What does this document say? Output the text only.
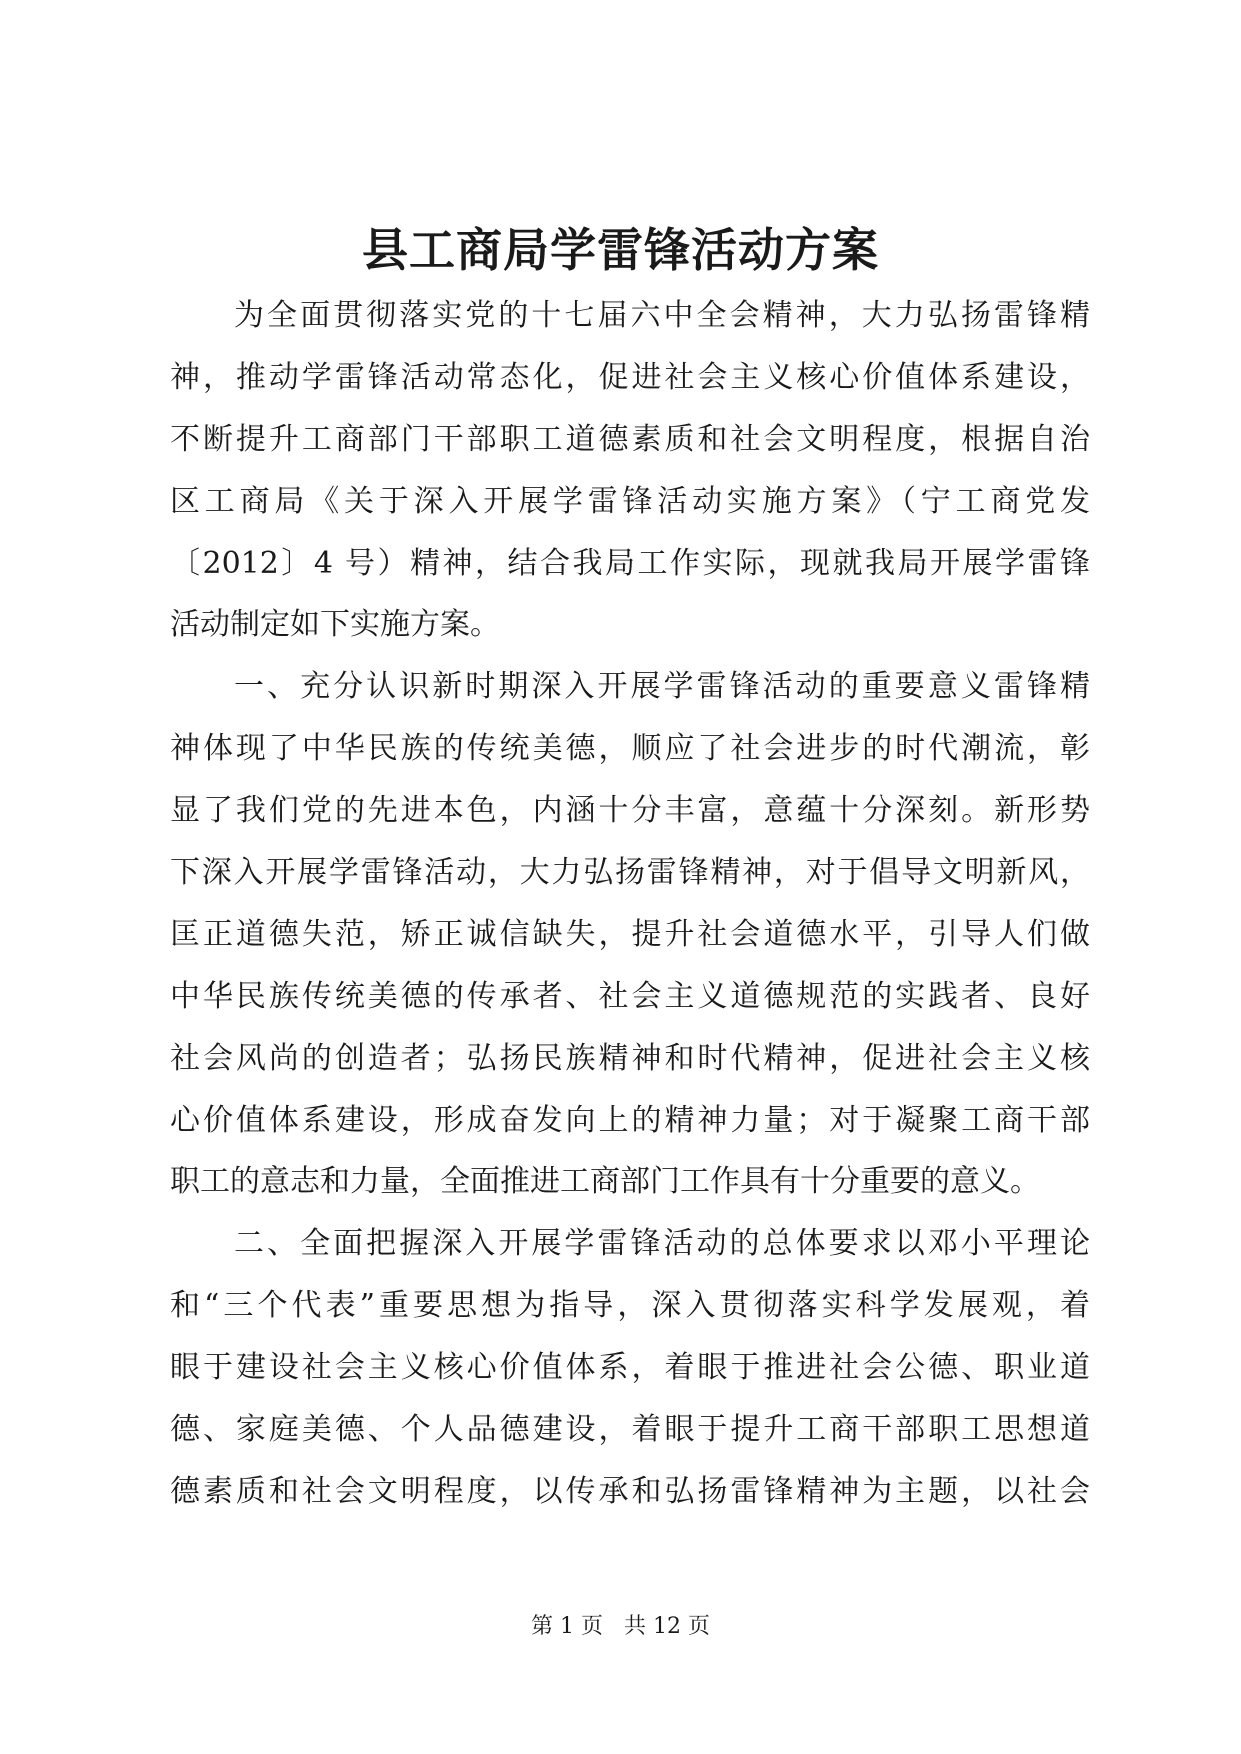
县工商局学雷锋活动方案
为全面贯彻落实党的十七届六中全会精神，大力弘扬雷锋精
神，推动学雷锋活动常态化，促进社会主义核心价值体系建设，
不断提升工商部门干部职工道德素质和社会文明程度，根据自治
区工商局《关于深入开展学雷锋活动实施方案》（宁工商党发
〔2012〕4 号）精神，结合我局工作实际，现就我局开展学雷锋
活动制定如下实施方案。
一、充分认识新时期深入开展学雷锋活动的重要意义雷锋精
神体现了中华民族的传统美德，顺应了社会进步的时代潮流，彰
显了我们党的先进本色，内涵十分丰富，意蕴十分深刻。新形势
下深入开展学雷锋活动，大力弘扬雷锋精神，对于倡导文明新风，
匡正道德失范，矫正诚信缺失，提升社会道德水平，引导人们做
中华民族传统美德的传承者、社会主义道德规范的实践者、良好
社会风尚的创造者；弘扬民族精神和时代精神，促进社会主义核
心价值体系建设，形成奋发向上的精神力量；对于凝聚工商干部
职工的意志和力量，全面推进工商部门工作具有十分重要的意义。
二、全面把握深入开展学雷锋活动的总体要求以邓小平理论
和“三个代表”重要思想为指导，深入贯彻落实科学发展观，着
眼于建设社会主义核心价值体系，着眼于推进社会公德、职业道
德、家庭美德、个人品德建设，着眼于提升工商干部职工思想道
德素质和社会文明程度，以传承和弘扬雷锋精神为主题，以社会
第 1 页 共 12 页
